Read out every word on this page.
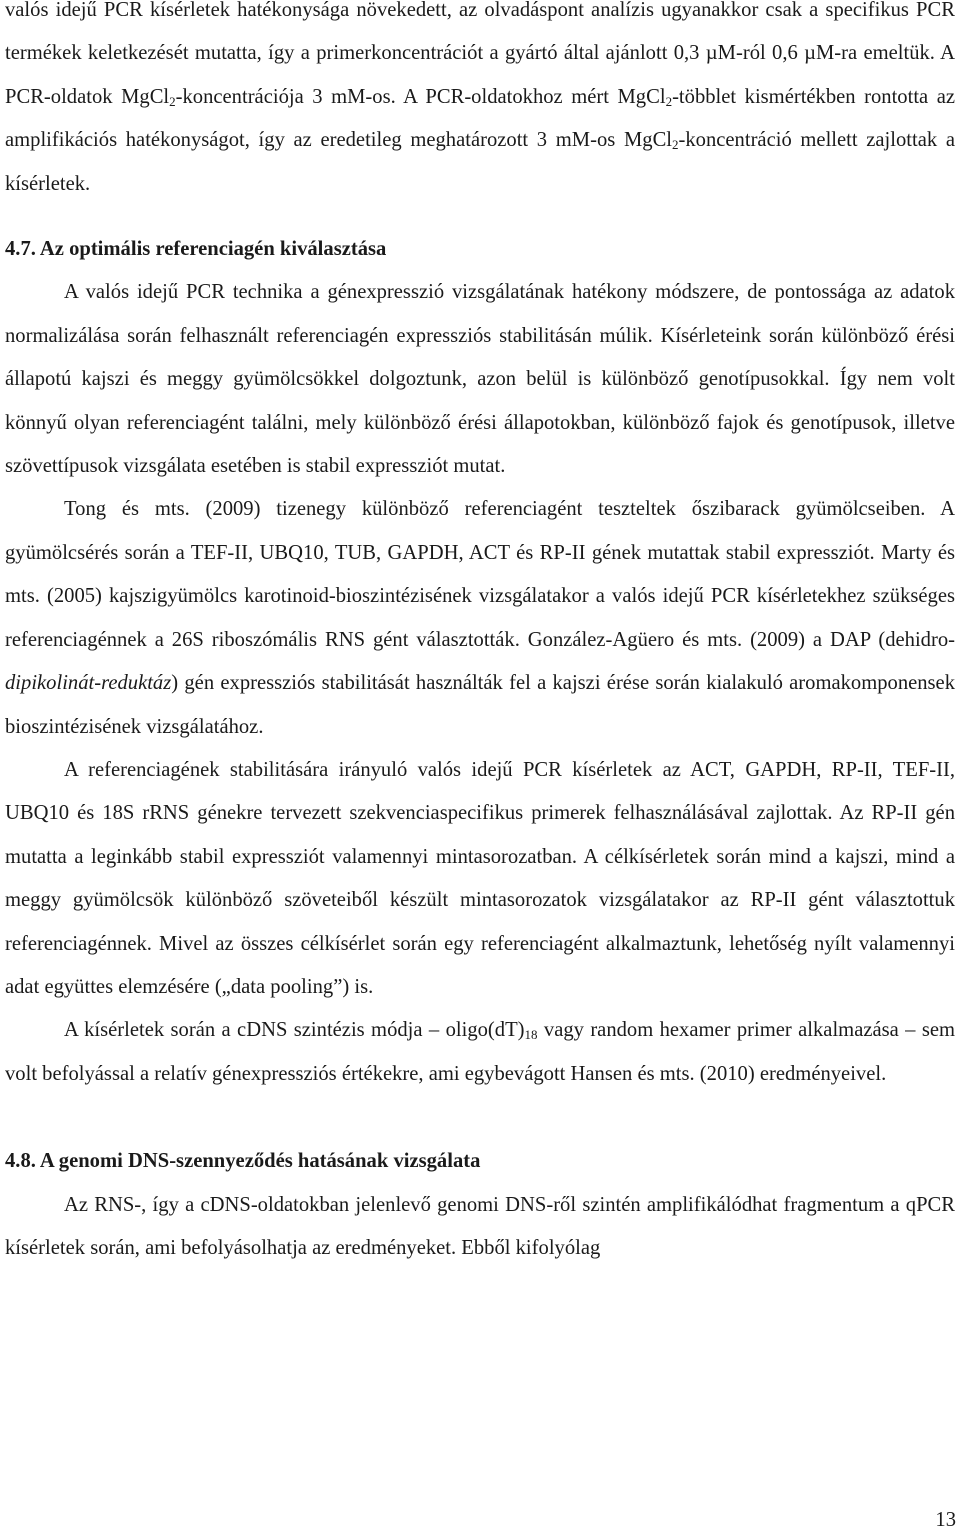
valós idejű PCR kísérletek hatékonysága növekedett, az olvadáspont analízis ugyanakkor csak a specifikus PCR termékek keletkezését mutatta, így a primerkoncentrációt a gyártó által ajánlott 0,3 µM-ról 0,6 µM-ra emeltük. A PCR-oldatok MgCl$_2$-koncentrációja 3 mM-os. A PCR-oldatokhoz mért MgCl$_2$-többlet kismértékben rontotta az amplifikációs hatékonyságot, így az eredetileg meghatározott 3 mM-os MgCl$_2$-koncentráció mellett zajlottak a kísérletek.

4.7. Az optimális referenciagén kiválasztása

A valós idejű PCR technika a génexpresszió vizsgálatának hatékony módszere, de pontossága az adatok normalizálása során felhasznált referenciagén expressziós stabilitásán múlik. Kísérleteink során különböző érési állapotú kajszi és meggy gyümölcsökkel dolgoztunk, azon belül is különböző genotípusokkal. Így nem volt könnyű olyan referenciagént találni, mely különböző érési állapotokban, különböző fajok és genotípusok, illetve szövettípusok vizsgálata esetében is stabil expressziót mutat.

Tong és mts. (2009) tizenegy különböző referenciagént teszteltek őszibarack gyümölcseiben. A gyümölcsérés során a TEF-II, UBQ10, TUB, GAPDH, ACT és RP-II gének mutattak stabil expressziót. Marty és mts. (2005) kajszigyümölcs karotinoid-bioszintézisének vizsgálatakor a valós idejű PCR kísérletekhez szükséges referenciagénnek a 26S riboszómális RNS gént választották. González-Agüero és mts. (2009) a DAP (dehidro-dipikolinát-reduktáz) gén expressziós stabilitását használták fel a kajszi érése során kialakuló aromakomponensek bioszintézisének vizsgálatához.

A referenciagének stabilitására irányuló valós idejű PCR kísérletek az ACT, GAPDH, RP-II, TEF-II, UBQ10 és 18S rRNS génekre tervezett szekvenciaspecifikus primerek felhasználásával zajlottak. Az RP-II gén mutatta a leginkább stabil expressziót valamennyi mintasorozatban. A célkísérletek során mind a kajszi, mind a meggy gyümölcsök különböző szöveteiből készült mintasorozatok vizsgálatakor az RP-II gént választottuk referenciagénnek. Mivel az összes célkísérlet során egy referenciagént alkalmaztunk, lehetőség nyílt valamennyi adat együttes elemzésére („data pooling”) is.

A kísérletek során a cDNS szintézis módja – $oligo(dT)_{18}$ vagy random hexamer primer alkalmazása – sem volt befolyással a relatív génexpressziós értékekre, ami egybevágott Hansen és mts. (2010) eredményeivel.

4.8. A genomi DNS-szennyeződés hatásának vizsgálata

Az RNS-, így a cDNS-oldatokban jelenlevő genomi DNS-ről szintén amplifikálódhat fragmentum a qPCR kísérletek során, ami befolyásolhatja az eredményeket. Ebből kifolyólag

13
